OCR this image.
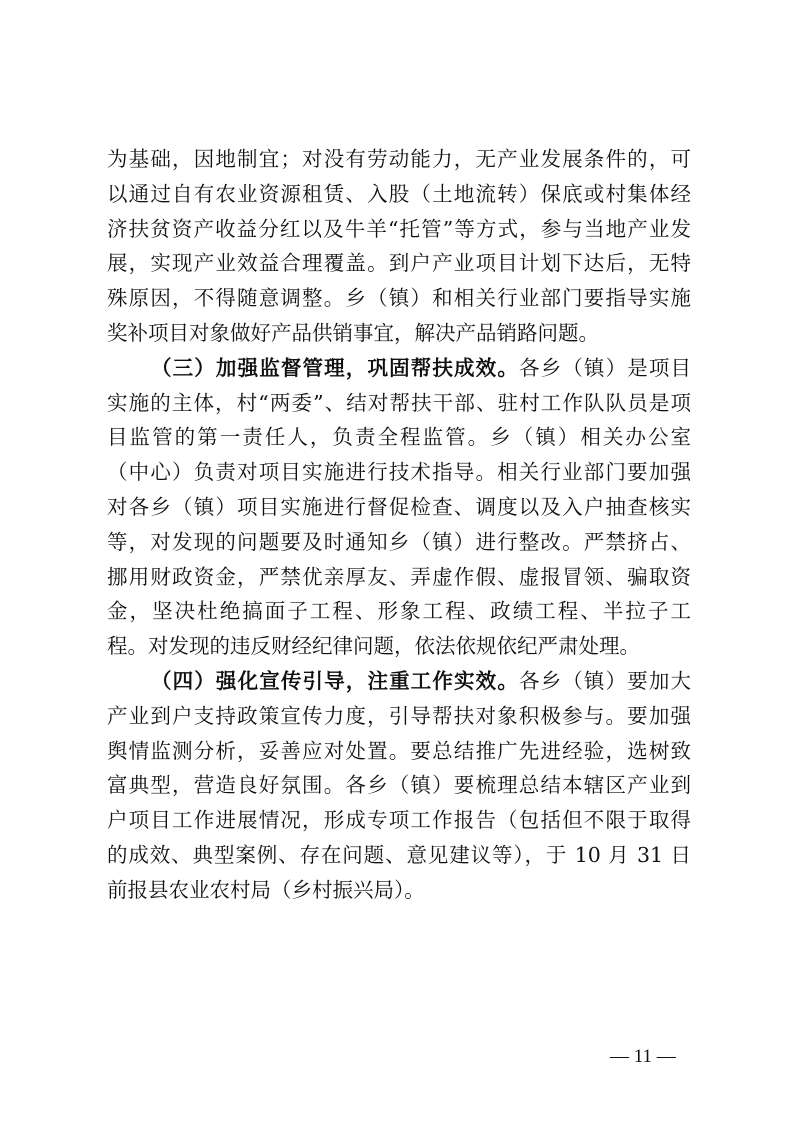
为基础，因地制宜；对没有劳动能力，无产业发展条件的，可
以通过自有农业资源租赁、入股（土地流转）保底或村集体经
济扶贫资产收益分红以及牛羊“托管”等方式，参与当地产业发
展，实现产业效益合理覆盖。到户产业项目计划下达后，无特
殊原因，不得随意调整。乡（镇）和相关行业部门要指导实施
奖补项目对象做好产品供销事宜，解决产品销路问题。
（三）加强监督管理，巩固帮扶成效。各乡（镇）是项目
实施的主体，村“两委”、结对帮扶干部、驻村工作队队员是项
目监管的第一责任人，负责全程监管。乡（镇）相关办公室
（中心）负责对项目实施进行技术指导。相关行业部门要加强
对各乡（镇）项目实施进行督促检查、调度以及入户抽查核实
等，对发现的问题要及时通知乡（镇）进行整改。严禁挤占、
挪用财政资金，严禁优亲厚友、弄虚作假、虚报冒领、骗取资
金，坚决杜绝搞面子工程、形象工程、政绩工程、半拉子工
程。对发现的违反财经纪律问题，依法依规依纪严肃处理。
（四）强化宣传引导，注重工作实效。各乡（镇）要加大
产业到户支持政策宣传力度，引导帮扶对象积极参与。要加强
舆情监测分析，妥善应对处置。要总结推广先进经验，选树致
富典型，营造良好氛围。各乡（镇）要梳理总结本辖区产业到
户项目工作进展情况，形成专项工作报告（包括但不限于取得
的成效、典型案例、存在问题、意见建议等），于 10 月 31 日
前报县农业农村局（乡村振兴局）。
— 11 —
